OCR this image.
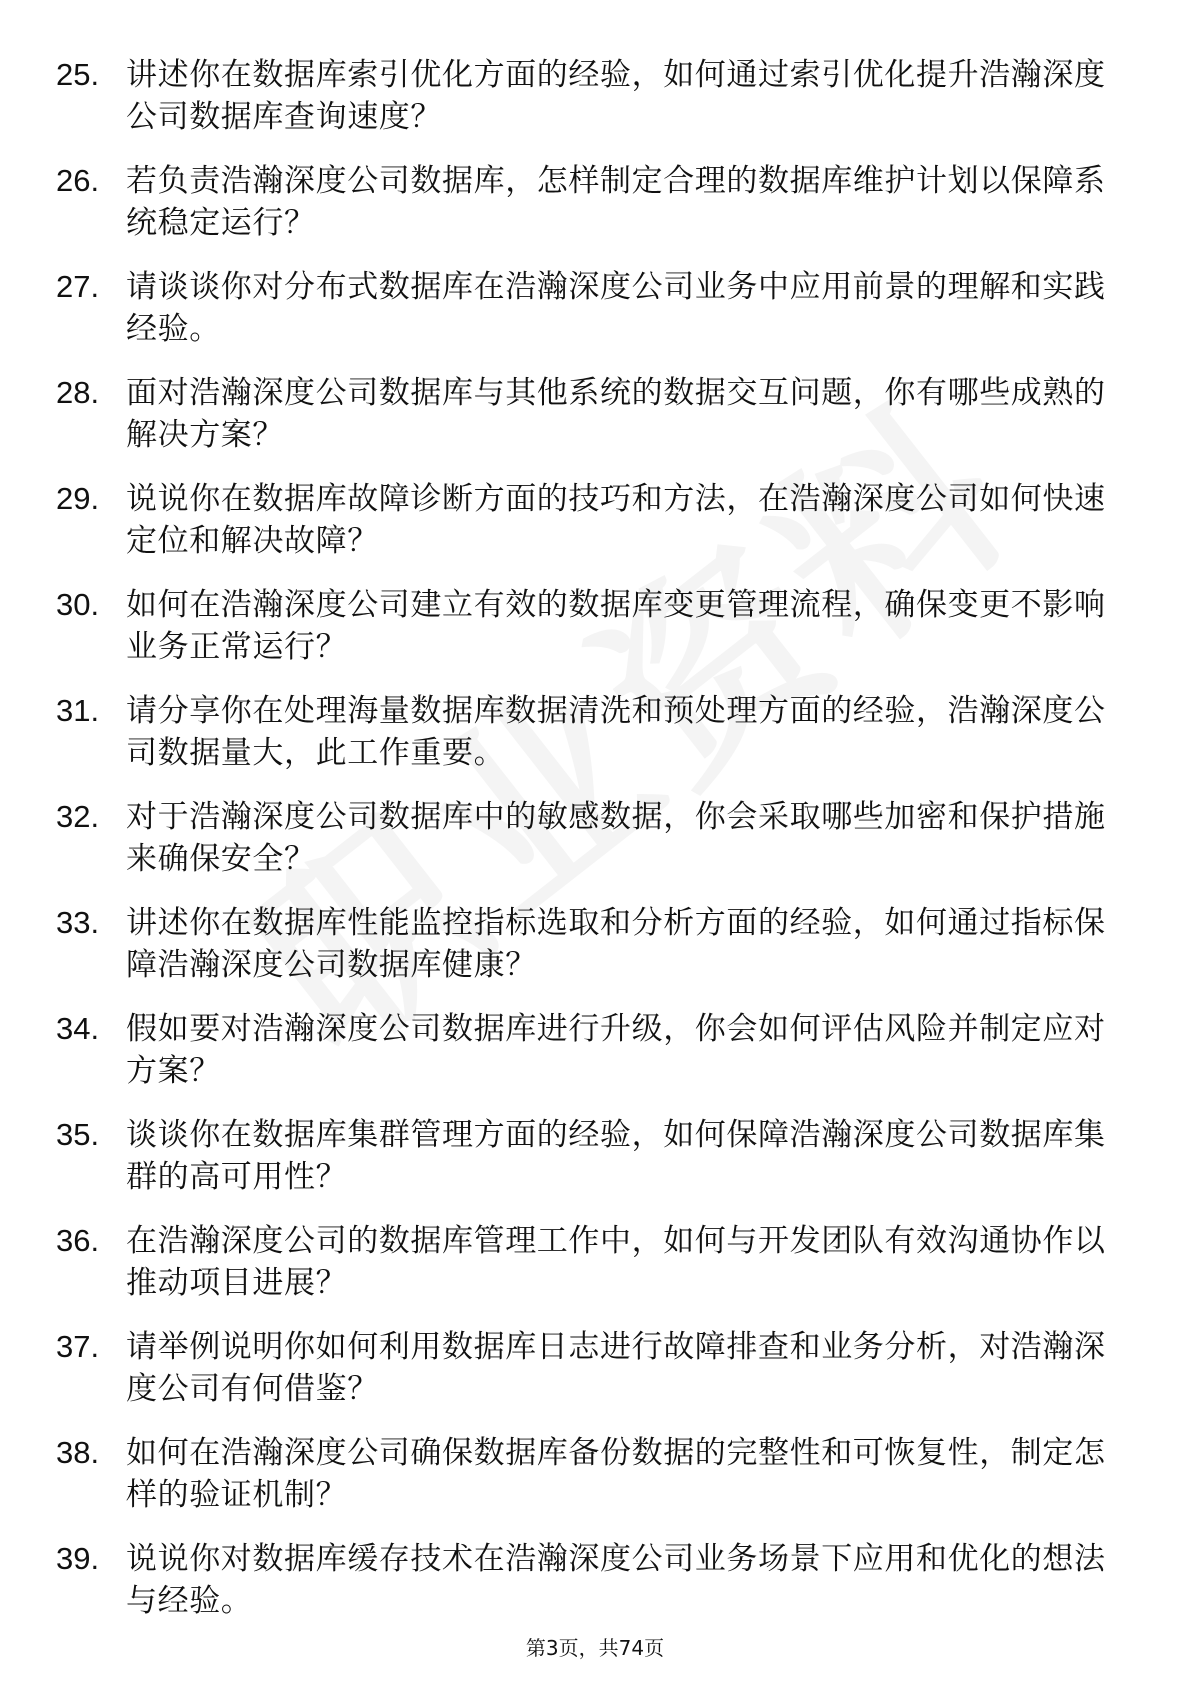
25. 讲述你在数据库索引优化方面的经验，如何通过索引优化提升浩瀚深度公司数据库查询速度？
26. 若负责浩瀚深度公司数据库，怎样制定合理的数据库维护计划以保障系统稳定运行？
27. 请谈谈你对分布式数据库在浩瀚深度公司业务中应用前景的理解和实践经验。
28. 面对浩瀚深度公司数据库与其他系统的数据交互问题，你有哪些成熟的解决方案？
29. 说说你在数据库故障诊断方面的技巧和方法，在浩瀚深度公司如何快速定位和解决故障？
30. 如何在浩瀚深度公司建立有效的数据库变更管理流程，确保变更不影响业务正常运行？
31. 请分享你在处理海量数据库数据清洗和预处理方面的经验，浩瀚深度公司数据量大，此工作重要。
32. 对于浩瀚深度公司数据库中的敏感数据，你会采取哪些加密和保护措施来确保安全？
33. 讲述你在数据库性能监控指标选取和分析方面的经验，如何通过指标保障浩瀚深度公司数据库健康？
34. 假如要对浩瀚深度公司数据库进行升级，你会如何评估风险并制定应对方案？
35. 谈谈你在数据库集群管理方面的经验，如何保障浩瀚深度公司数据库集群的高可用性？
36. 在浩瀚深度公司的数据库管理工作中，如何与开发团队有效沟通协作以推动项目进展？
37. 请举例说明你如何利用数据库日志进行故障排查和业务分析，对浩瀚深度公司有何借鉴？
38. 如何在浩瀚深度公司确保数据库备份数据的完整性和可恢复性，制定怎样的验证机制？
39. 说说你对数据库缓存技术在浩瀚深度公司业务场景下应用和优化的想法与经验。
第3页，共74页
